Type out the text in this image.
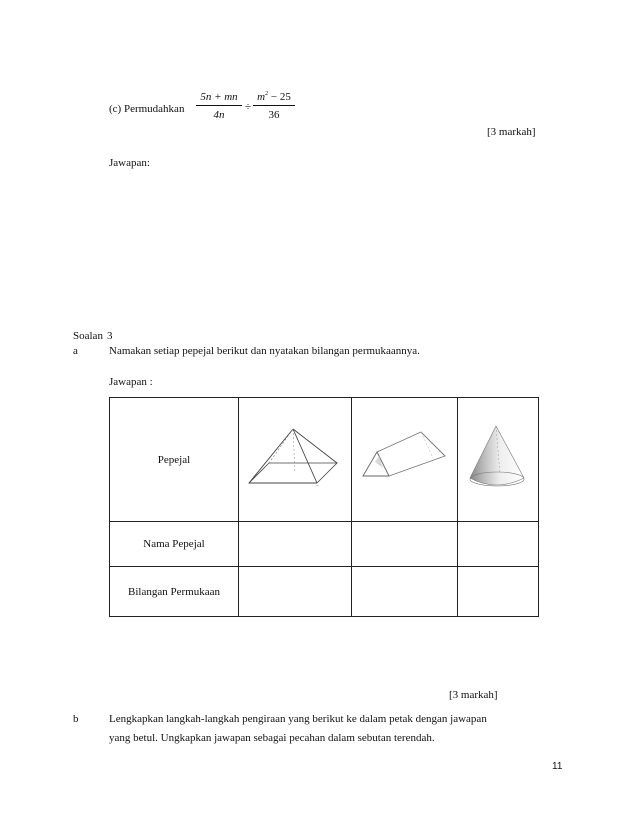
(c) Permudahkan
5n + mn
4n
÷
$m^2 - 25$
36
[3 markah]
Jawapan:
Soalan 3
a	Namakan setiap pepejal berikut dan nyatakan bilangan permukaannya.
Jawapan :
Pepejal			
Nama Pepejal			
Bilangan Permukaan			
[3 markah]
b	Lengkapkan langkah-langkah pengiraan yang berikut ke dalam petak dengan jawapan
yang betul. Ungkapkan jawapan sebagai pecahan dalam sebutan terendah.
11
